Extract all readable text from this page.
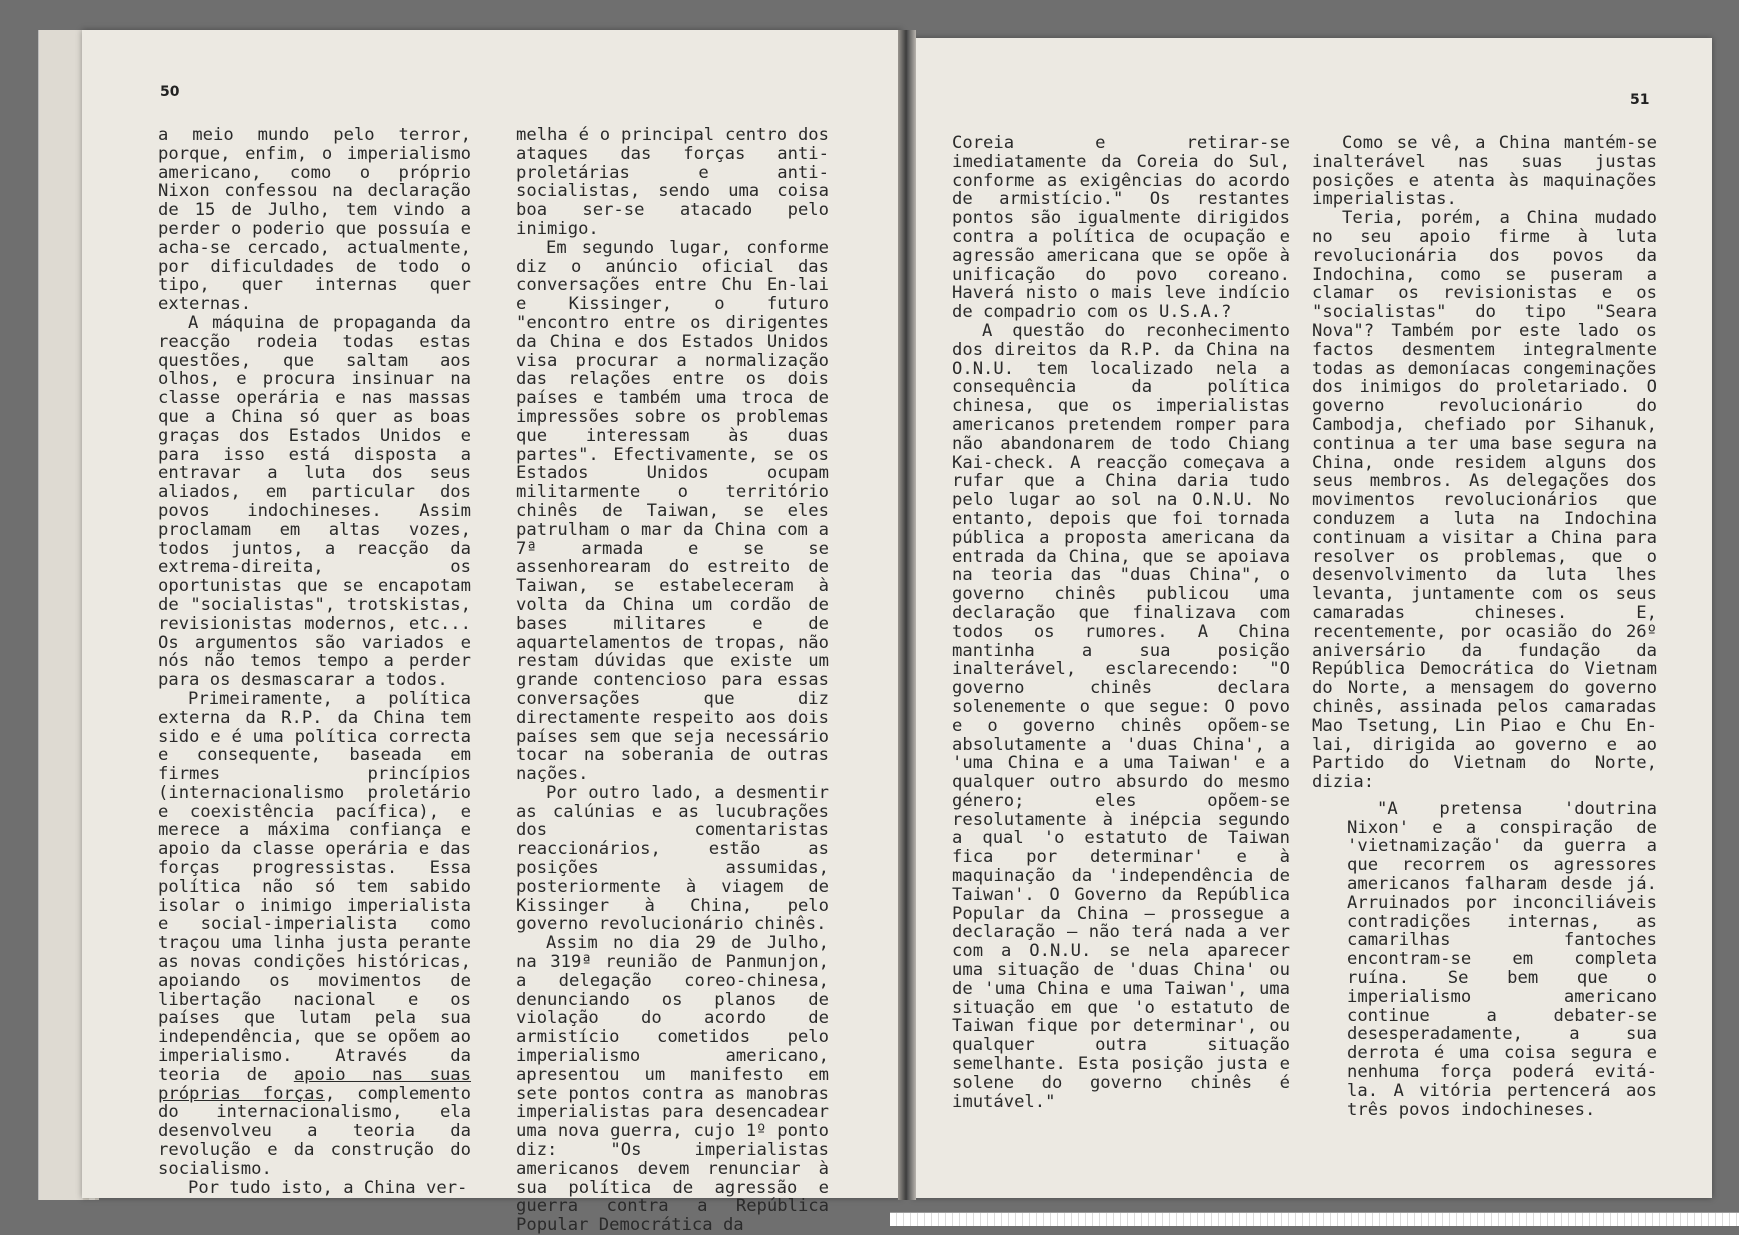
50

a meio mundo pelo terror, porque, enfim, o imperialismo americano, como o próprio Nixon confessou na declaração de 15 de Julho, tem vindo a perder o poderio que possuía e acha-se cercado, actualmente, por dificuldades de todo o tipo, quer internas quer externas.

A máquina de propaganda da reacção rodeia todas estas questões, que saltam aos olhos, e procura insinuar na classe operária e nas massas que a China só quer as boas graças dos Estados Unidos e para isso está disposta a entravar a luta dos seus aliados, em particular dos povos indochineses. Assim proclamam em altas vozes, todos juntos, a reacção da extrema-direita, os oportunistas que se encapotam de "socialistas", trotskistas, revisionistas modernos, etc... Os argumentos são variados e nós não temos tempo a perder para os desmascarar a todos.

Primeiramente, a política externa da R.P. da China tem sido e é uma política correcta e consequente, baseada em firmes princípios (internacionalismo proletário e coexistência pacífica), e merece a máxima confiança e apoio da classe operária e das forças progressistas. Essa política não só tem sabido isolar o inimigo imperialista e social-imperialista como traçou uma linha justa perante as novas condições históricas, apoiando os movimentos de libertação nacional e os países que lutam pela sua independência, que se opõem ao imperialismo. Através da teoria de apoio nas suas próprias forças, complemento do internacionalismo, ela desenvolveu a teoria da revolução e da construção do socialismo.

Por tudo isto, a China ver-

melha é o principal centro dos ataques das forças anti-proletárias e anti-socialistas, sendo uma coisa boa ser-se atacado pelo inimigo.

Em segundo lugar, conforme diz o anúncio oficial das conversações entre Chu En-lai e Kissinger, o futuro "encontro entre os dirigentes da China e dos Estados Unidos visa procurar a normalização das relações entre os dois países e também uma troca de impressões sobre os problemas que interessam às duas partes". Efectivamente, se os Estados Unidos ocupam militarmente o território chinês de Taiwan, se eles patrulham o mar da China com a 7ª armada e se se assenhorearam do estreito de Taiwan, se estabeleceram à volta da China um cordão de bases militares e de aquartelamentos de tropas, não restam dúvidas que existe um grande contencioso para essas conversações que diz directamente respeito aos dois países sem que seja necessário tocar na soberania de outras nações.

Por outro lado, a desmentir as calúnias e as lucubrações dos comentaristas reaccionários, estão as posições assumidas, posteriormente à viagem de Kissinger à China, pelo governo revolucionário chinês.

Assim no dia 29 de Julho, na 319ª reunião de Panmunjon, a delegação coreo-chinesa, denunciando os planos de violação do acordo de armistício cometidos pelo imperialismo americano, apresentou um manifesto em sete pontos contra as manobras imperialistas para desencadear uma nova guerra, cujo 1º ponto diz: "Os imperialistas americanos devem renunciar à sua política de agressão e guerra contra a República Popular Democrática da

51

Coreia e retirar-se imediatamente da Coreia do Sul, conforme as exigências do acordo de armistício." Os restantes pontos são igualmente dirigidos contra a política de ocupação e agressão americana que se opõe à unificação do povo coreano. Haverá nisto o mais leve indício de compadrio com os U.S.A.?

A questão do reconhecimento dos direitos da R.P. da China na O.N.U. tem localizado nela a consequência da política chinesa, que os imperialistas americanos pretendem romper para não abandonarem de todo Chiang Kai-check. A reacção começava a rufar que a China daria tudo pelo lugar ao sol na O.N.U. No entanto, depois que foi tornada pública a proposta americana da entrada da China, que se apoiava na teoria das "duas China", o governo chinês publicou uma declaração que finalizava com todos os rumores. A China mantinha a sua posição inalterável, esclarecendo: "O governo chinês declara solenemente o que segue: O povo e o governo chinês opõem-se absolutamente a 'duas China', a 'uma China e a uma Taiwan' e a qualquer outro absurdo do mesmo género; eles opõem-se resolutamente à inépcia segundo a qual 'o estatuto de Taiwan fica por determinar' e à maquinação da 'independência de Taiwan'. O Governo da República Popular da China — prossegue a declaração — não terá nada a ver com a O.N.U. se nela aparecer uma situação de 'duas China' ou de 'uma China e uma Taiwan', uma situação em que 'o estatuto de Taiwan fique por determinar', ou qualquer outra situação semelhante. Esta posição justa e solene do governo chinês é imutável."

Como se vê, a China mantém-se inalterável nas suas justas posições e atenta às maquinações imperialistas.

Teria, porém, a China mudado no seu apoio firme à luta revolucionária dos povos da Indochina, como se puseram a clamar os revisionistas e os "socialistas" do tipo "Seara Nova"? Também por este lado os factos desmentem integralmente todas as demoníacas congeminações dos inimigos do proletariado. O governo revolucionário do Cambodja, chefiado por Sihanuk, continua a ter uma base segura na China, onde residem alguns dos seus membros. As delegações dos movimentos revolucionários que conduzem a luta na Indochina continuam a visitar a China para resolver os problemas, que o desenvolvimento da luta lhes levanta, juntamente com os seus camaradas chineses. E, recentemente, por ocasião do 26º aniversário da fundação da República Democrática do Vietnam do Norte, a mensagem do governo chinês, assinada pelos camaradas Mao Tsetung, Lin Piao e Chu En-lai, dirigida ao governo e ao Partido do Vietnam do Norte, dizia:

"A pretensa 'doutrina Nixon' e a conspiração de 'vietnamização' da guerra a que recorrem os agressores americanos falharam desde já. Arruinados por inconciliáveis contradições internas, as camarilhas fantoches encontram-se em completa ruína. Se bem que o imperialismo americano continue a debater-se desesperadamente, a sua derrota é uma coisa segura e nenhuma força poderá evitá-la. A vitória pertencerá aos três povos indochineses.
